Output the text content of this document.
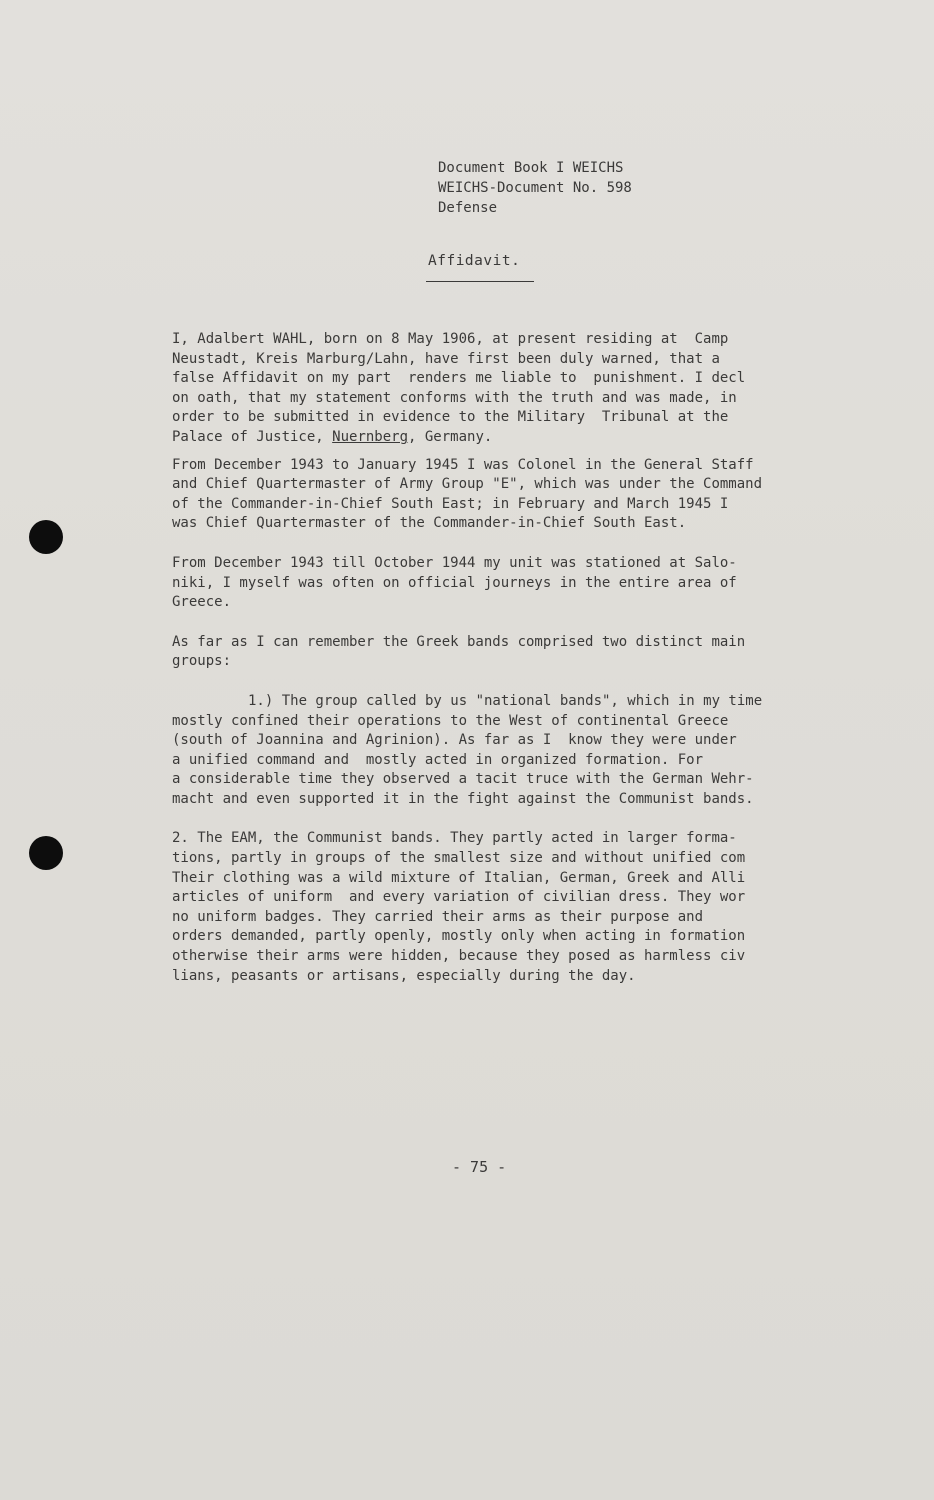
Document Book I WEICHS
WEICHS-Document No. 598
Defense
Affidavit.
I, Adalbert WAHL, born on 8 May 1906, at present residing at  Camp
Neustadt, Kreis Marburg/Lahn, have first been duly warned, that a
false Affidavit on my part  renders me liable to  punishment. I decl
on oath, that my statement conforms with the truth and was made, in
order to be submitted in evidence to the Military  Tribunal at the
Palace of Justice, Nuernberg, Germany.
From December 1943 to January 1945 I was Colonel in the General Staff
and Chief Quartermaster of Army Group "E", which was under the Command
of the Commander-in-Chief South East; in February and March 1945 I
was Chief Quartermaster of the Commander-in-Chief South East.
From December 1943 till October 1944 my unit was stationed at Salo-
niki, I myself was often on official journeys in the entire area of
Greece.
As far as I can remember the Greek bands comprised two distinct main
groups:
1.) The group called by us "national bands", which in my time
mostly confined their operations to the West of continental Greece
(south of Joannina and Agrinion). As far as I  know they were under
a unified command and  mostly acted in organized formation. For
a considerable time they observed a tacit truce with the German Wehr-
macht and even supported it in the fight against the Communist bands.
2. The EAM, the Communist bands. They partly acted in larger forma-
tions, partly in groups of the smallest size and without unified com
Their clothing was a wild mixture of Italian, German, Greek and Alli
articles of uniform  and every variation of civilian dress. They wor
no uniform badges. They carried their arms as their purpose and
orders demanded, partly openly, mostly only when acting in formation
otherwise their arms were hidden, because they posed as harmless civ
lians, peasants or artisans, especially during the day.
- 75 -
